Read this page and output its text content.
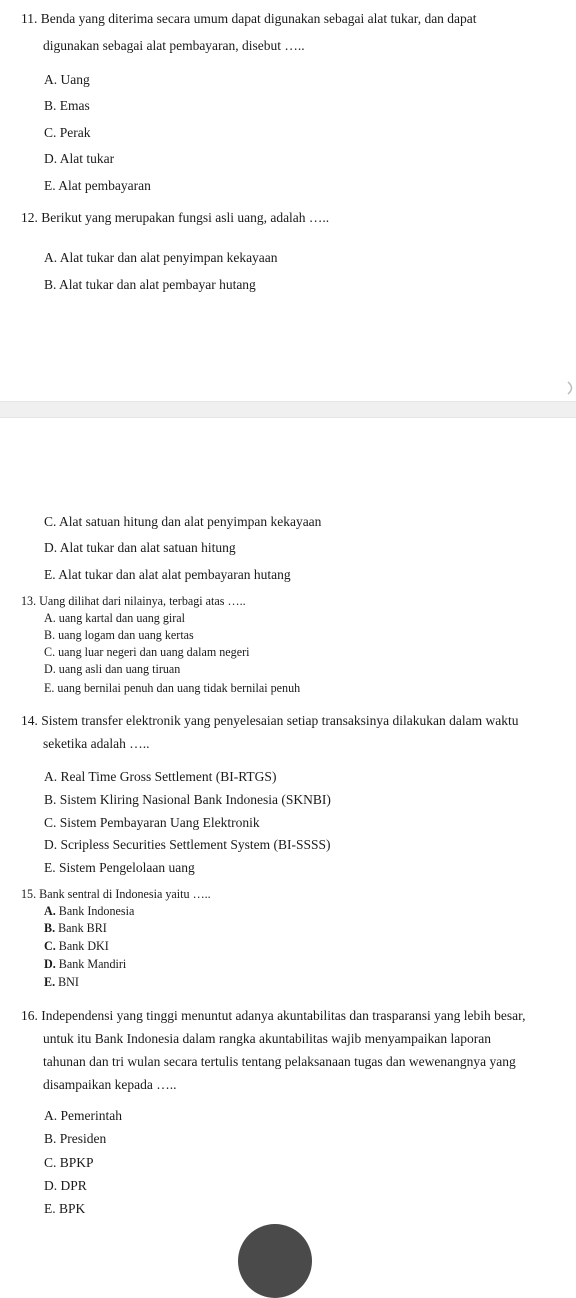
11. Benda yang diterima secara umum dapat digunakan sebagai alat tukar, dan dapat
digunakan sebagai alat pembayaran, disebut …..
A. Uang
B. Emas
C. Perak
D. Alat tukar
E. Alat pembayaran
12. Berikut yang merupakan fungsi asli uang, adalah …..
A. Alat tukar dan alat penyimpan kekayaan
B. Alat tukar dan alat pembayar hutang
C. Alat satuan hitung dan alat penyimpan kekayaan
D. Alat tukar dan alat satuan hitung
E. Alat tukar dan alat alat pembayaran hutang
13. Uang dilihat dari nilainya, terbagi atas …..
A. uang kartal dan uang giral
B. uang logam dan uang kertas
C. uang luar negeri dan uang dalam negeri
D. uang asli dan uang tiruan
E. uang bernilai penuh dan uang tidak bernilai penuh
14. Sistem transfer elektronik yang penyelesaian setiap transaksinya dilakukan dalam waktu
seketika adalah …..
A. Real Time Gross Settlement (BI-RTGS)
B. Sistem Kliring Nasional Bank Indonesia (SKNBI)
C. Sistem Pembayaran Uang Elektronik
D. Scripless Securities Settlement System (BI-SSSS)
E. Sistem Pengelolaan uang
15. Bank sentral di Indonesia yaitu …..
A. Bank Indonesia
B. Bank BRI
C. Bank DKI
D. Bank Mandiri
E. BNI
16. Independensi yang tinggi menuntut adanya akuntabilitas dan trasparansi yang lebih besar,
untuk itu Bank Indonesia dalam rangka akuntabilitas wajib menyampaikan laporan
tahunan dan tri wulan secara tertulis tentang pelaksanaan tugas dan wewenangnya yang
disampaikan kepada …..
A. Pemerintah
B. Presiden
C. BPKP
D. DPR
E. BPK
